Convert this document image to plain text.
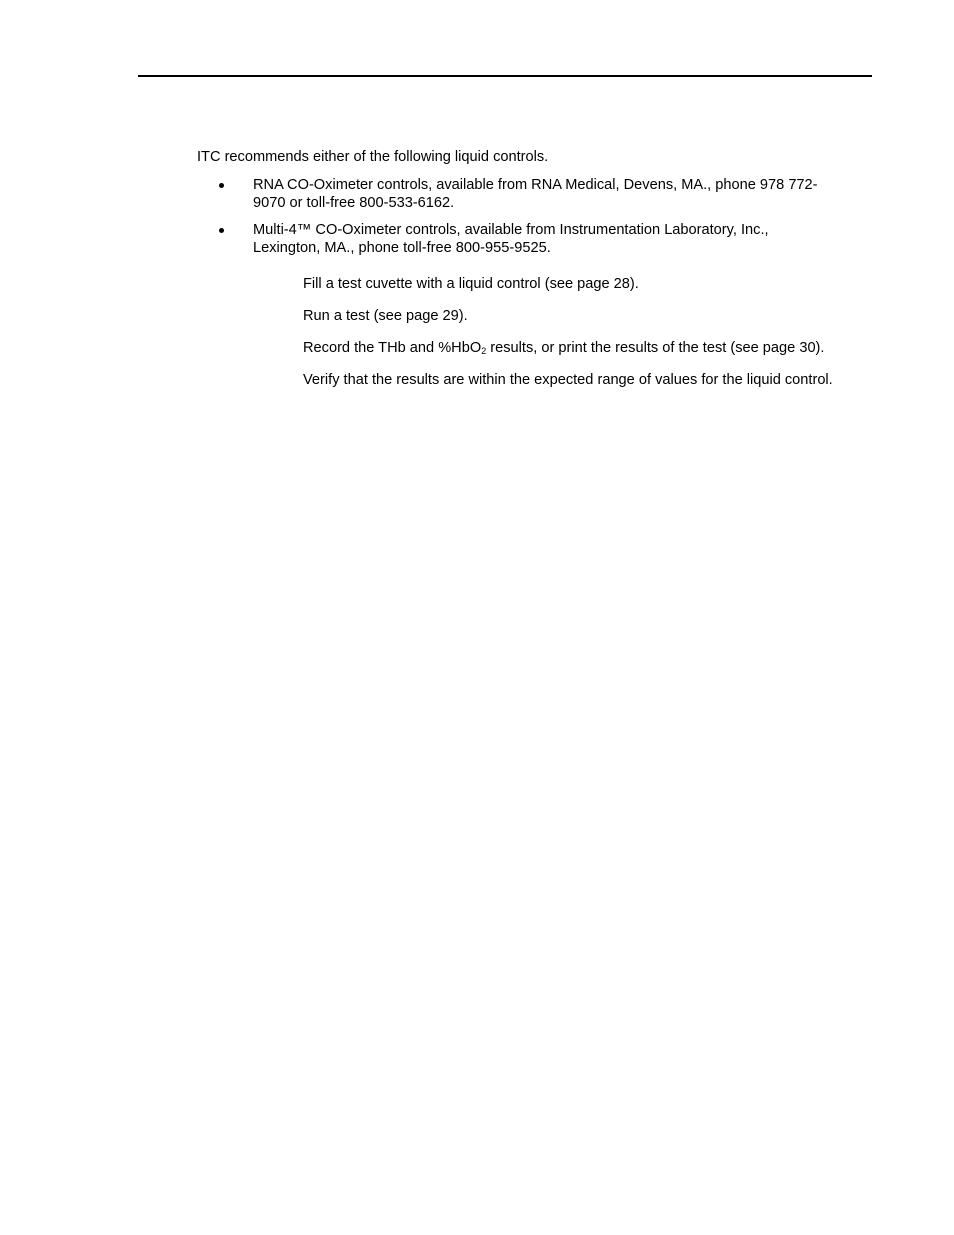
ITC recommends either of the following liquid controls.

RNA CO-Oximeter controls, available from RNA Medical, Devens, MA., phone 978 772-
9070 or toll-free 800-533-6162.
Multi-4™ CO-Oximeter controls, available from Instrumentation Laboratory, Inc.,
Lexington, MA., phone toll-free 800-955-9525.
Fill a test cuvette with a liquid control (see page 28).
Run a test (see page 29).
Record the THb and %HbO$_2$ results, or print the results of the test (see page 30).
Verify that the results are within the expected range of values for the liquid control.
